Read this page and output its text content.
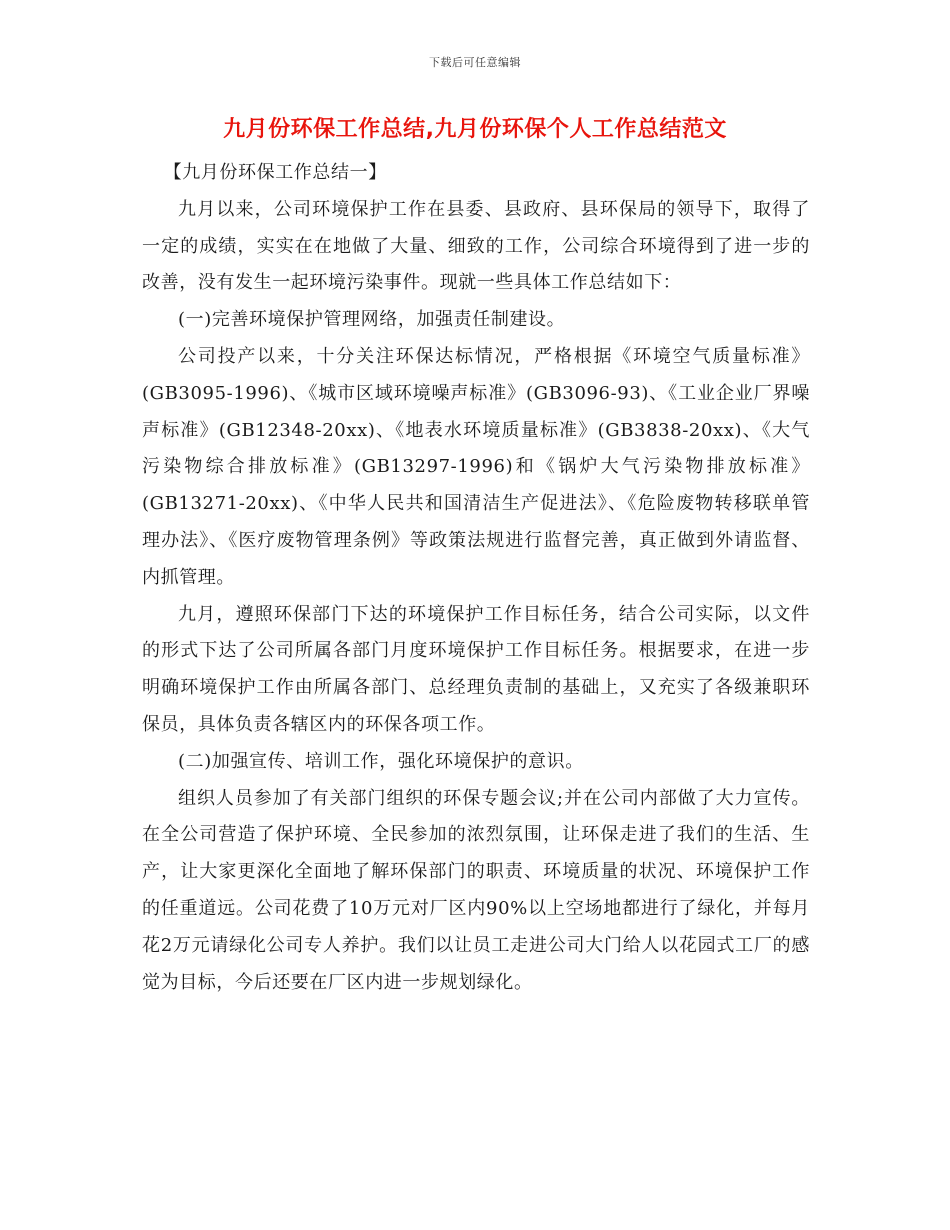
下载后可任意编辑
九月份环保工作总结,九月份环保个人工作总结范文

【九月份环保工作总结一】

九月以来，公司环境保护工作在县委、县政府、县环保局的领导下，取得了一定的成绩，实实在在地做了大量、细致的工作，公司综合环境得到了进一步的改善，没有发生一起环境污染事件。现就一些具体工作总结如下：

(一)完善环境保护管理网络，加强责任制建设。

公司投产以来，十分关注环保达标情况，严格根据《环境空气质量标准》(GB3095-1996)、《城市区域环境噪声标准》(GB3096-93)、《工业企业厂界噪声标准》(GB12348-20xx)、《地表水环境质量标准》(GB3838-20xx)、《大气污染物综合排放标准》(GB13297-1996)和《锅炉大气污染物排放标准》(GB13271-20xx)、《中华人民共和国清洁生产促进法》、《危险废物转移联单管理办法》、《医疗废物管理条例》等政策法规进行监督完善，真正做到外请监督、内抓管理。

九月，遵照环保部门下达的环境保护工作目标任务，结合公司实际，以文件的形式下达了公司所属各部门月度环境保护工作目标任务。根据要求，在进一步明确环境保护工作由所属各部门、总经理负责制的基础上，又充实了各级兼职环保员，具体负责各辖区内的环保各项工作。

(二)加强宣传、培训工作，强化环境保护的意识。

组织人员参加了有关部门组织的环保专题会议;并在公司内部做了大力宣传。在全公司营造了保护环境、全民参加的浓烈氛围，让环保走进了我们的生活、生产，让大家更深化全面地了解环保部门的职责、环境质量的状况、环境保护工作的任重道远。公司花费了10万元对厂区内90%以上空场地都进行了绿化，并每月花2万元请绿化公司专人养护。我们以让员工走进公司大门给人以花园式工厂的感觉为目标，今后还要在厂区内进一步规划绿化。
